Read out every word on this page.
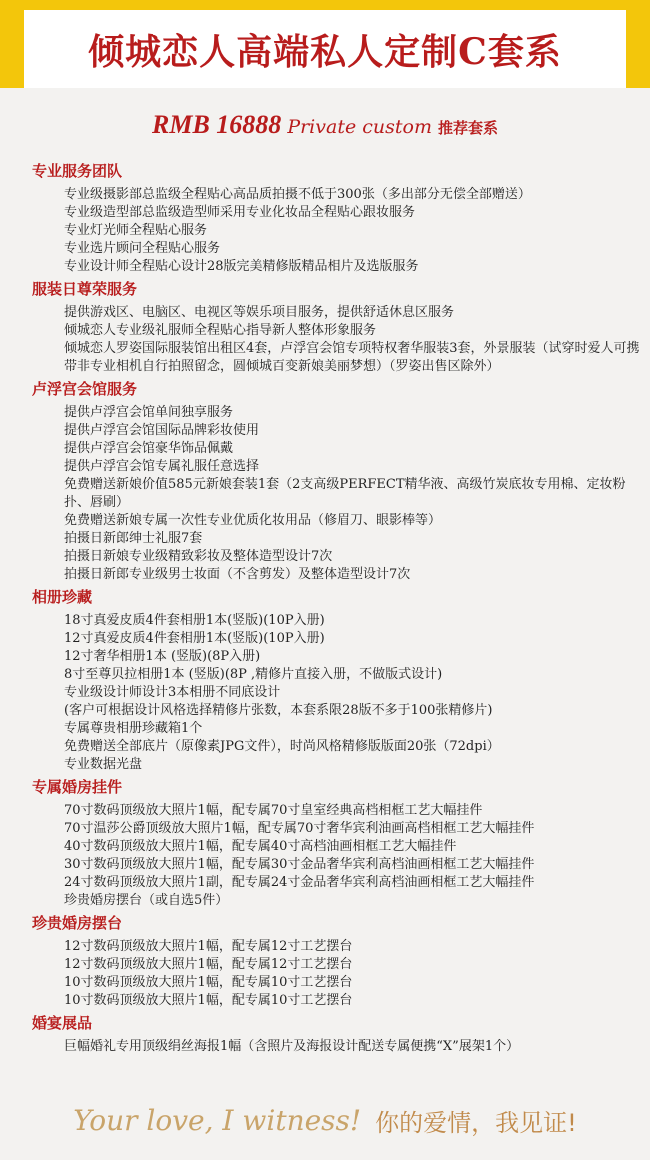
倾城恋人高端私人定制C套系
RMB 16888 Private custom 推荐套系
专业服务团队
专业级摄影部总监级全程贴心高品质拍摄不低于300张（多出部分无偿全部赠送）
专业级造型部总监级造型师采用专业化妆品全程贴心跟妆服务
专业灯光师全程贴心服务
专业选片顾问全程贴心服务
专业设计师全程贴心设计28版完美精修版精品相片及选版服务
服装日尊荣服务
提供游戏区、电脑区、电视区等娱乐项目服务，提供舒适休息区服务
倾城恋人专业级礼服师全程贴心指导新人整体形象服务
倾城恋人罗姿国际服装馆出租区4套，卢浮宫会馆专项特权奢华服装3套，外景服装（试穿时爱人可携带非专业相机自行拍照留念，圆倾城百变新娘美丽梦想）（罗姿出售区除外）
卢浮宫会馆服务
提供卢浮宫会馆单间独享服务
提供卢浮宫会馆国际品牌彩妆使用
提供卢浮宫会馆豪华饰品佩戴
提供卢浮宫会馆专属礼服任意选择
免费赠送新娘价值585元新娘套装1套（2支高级PERFECT精华液、高级竹炭底妆专用棉、定妆粉扑、唇刷）
免费赠送新娘专属一次性专业优质化妆用品（修眉刀、眼影棒等）
拍摄日新郎绅士礼服7套
拍摄日新娘专业级精致彩妆及整体造型设计7次
拍摄日新郎专业级男士妆面（不含剪发）及整体造型设计7次
相册珍藏
18寸真爱皮质4件套相册1本(竖版)(10P入册)
12寸真爱皮质4件套相册1本(竖版)(10P入册)
12寸奢华相册1本 (竖版)(8P入册)
8寸至尊贝拉相册1本 (竖版)(8P ,精修片直接入册，不做版式设计)
专业级设计师设计3本相册不同底设计
(客户可根据设计风格选择精修片张数，本套系限28版不多于100张精修片)
专属尊贵相册珍藏箱1个
免费赠送全部底片（原像素JPG文件），时尚风格精修版版面20张（72dpi）
专业数据光盘
专属婚房挂件
70寸数码顶级放大照片1幅，配专属70寸皇室经典高档相框工艺大幅挂件
70寸温莎公爵顶级放大照片1幅，配专属70寸奢华宾利油画高档相框工艺大幅挂件
40寸数码顶级放大照片1幅，配专属40寸高档油画相框工艺大幅挂件
30寸数码顶级放大照片1幅，配专属30寸金品奢华宾利高档油画相框工艺大幅挂件
24寸数码顶级放大照片1副，配专属24寸金品奢华宾利高档油画相框工艺大幅挂件
珍贵婚房摆台（或自选5件）
珍贵婚房摆台
12寸数码顶级放大照片1幅，配专属12寸工艺摆台
12寸数码顶级放大照片1幅，配专属12寸工艺摆台
10寸数码顶级放大照片1幅，配专属10寸工艺摆台
10寸数码顶级放大照片1幅，配专属10寸工艺摆台
婚宴展品
巨幅婚礼专用顶级绢丝海报1幅（含照片及海报设计配送专属便携“X”展架1个）
Your love, I witness! 你的爱情，我见证!
